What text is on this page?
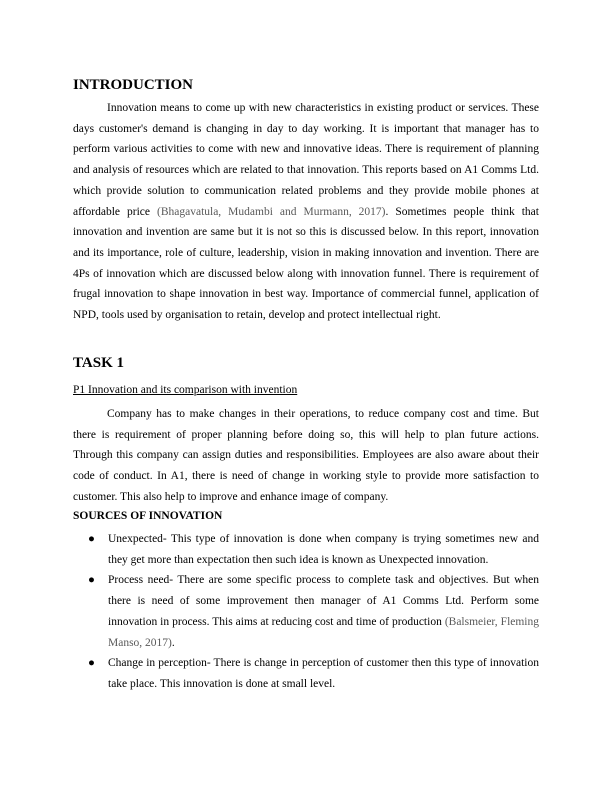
INTRODUCTION

Innovation means to come up with new characteristics in existing product or services. These days customer's demand is changing in day to day working. It is important that manager has to perform various activities to come with new and innovative ideas. There is requirement of planning and analysis of resources which are related to that innovation. This reports based on A1 Comms Ltd. which provide solution to communication related problems and they provide mobile phones at affordable price (Bhagavatula, Mudambi and Murmann, 2017). Sometimes people think that innovation and invention are same but it is not so this is discussed below. In this report, innovation and its importance, role of culture, leadership, vision in making innovation and invention. There are 4Ps of innovation which are discussed below along with innovation funnel. There is requirement of frugal innovation to shape innovation in best way. Importance of commercial funnel, application of NPD, tools used by organisation to retain, develop and protect intellectual right.

TASK 1

P1 Innovation and its comparison with invention

Company has to make changes in their operations, to reduce company cost and time. But there is requirement of proper planning before doing so, this will help to plan future actions. Through this company can assign duties and responsibilities. Employees are also aware about their code of conduct. In A1, there is need of change in working style to provide more satisfaction to customer. This also help to improve and enhance image of company.

SOURCES OF INNOVATION

● Unexpected- This type of innovation is done when company is trying sometimes new and they get more than expectation then such idea is known as Unexpected innovation.
● Process need- There are some specific process to complete task and objectives. But when there is need of some improvement then manager of A1 Comms Ltd. Perform some innovation in process. This aims at reducing cost and time of production (Balsmeier, Fleming Manso, 2017).
● Change in perception- There is change in perception of customer then this type of innovation take place. This innovation is done at small level.
